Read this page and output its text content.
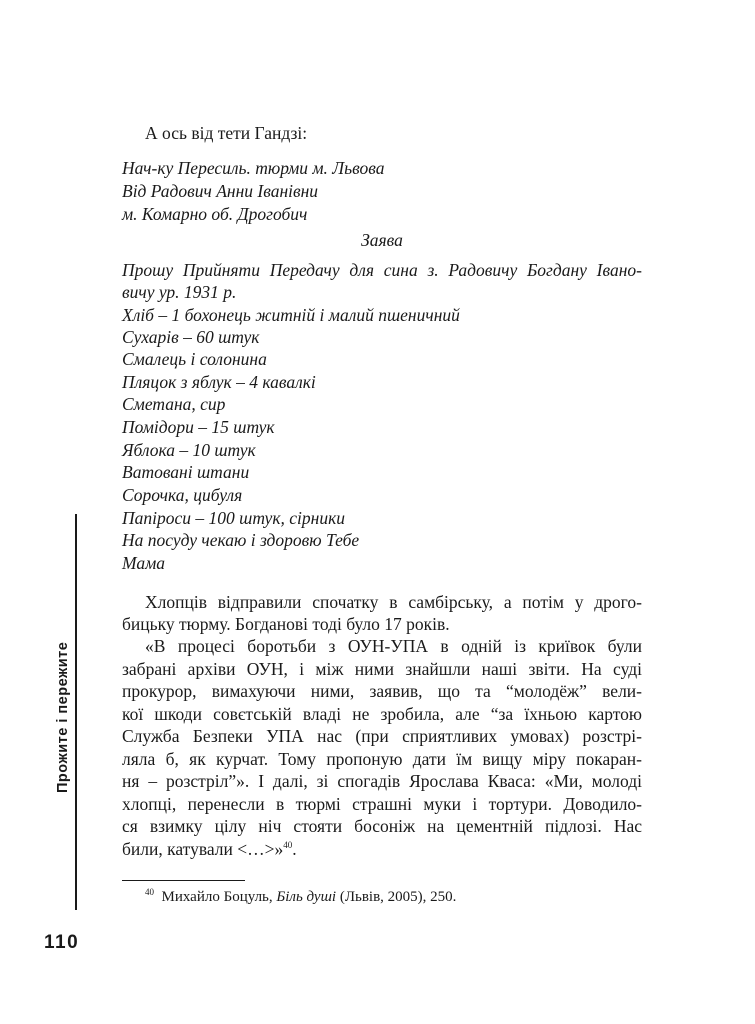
Прожите і пережите
А ось від тети Гандзі:
Нач-ку Пересиль. тюрми м. Львова
Від Радович Анни Іванівни
м. Комарно об. Дрогобич
Заява
Прошу Прийняти Передачу для сина з. Радовичу Богдану Івано-
вичу ур. 1931 р.
Хліб – 1 бохонець житній і малий пшеничний
Сухарів – 60 штук
Смалець і солонина
Пляцок з яблук – 4 кавалкі
Сметана, сир
Помідори – 15 штук
Яблока – 10 штук
Ватовані штани
Сорочка, цибуля
Папіроси – 100 штук, сірники
На посуду чекаю і здоровю Тебе
Мама
Хлопців відправили спочатку в самбірську, а потім у дрого-
бицьку тюрму. Богданові тоді було 17 років.
«В процесі боротьби з ОУН-УПА в одній із криївок були
забрані архіви ОУН, і між ними знайшли наші звіти. На суді
прокурор, вимахуючи ними, заявив, що та “молодёж” вели-
кої шкоди совєтській владі не зробила, але “за їхньою картою
Служба Безпеки УПА нас (при сприятливих умовах) розстрі-
ляла б, як курчат. Тому пропоную дати їм вищу міру покаран-
ня – розстріл”». І далі, зі спогадів Ярослава Кваса: «Ми, молоді
хлопці, перенесли в тюрмі страшні муки і тортури. Доводило-
ся взимку цілу ніч стояти босоніж на цементній підлозі. Нас
били, катували <…>»$^{40}$.
$^{40}$ Михайло Боцуль, Біль душі (Львів, 2005), 250.
110
